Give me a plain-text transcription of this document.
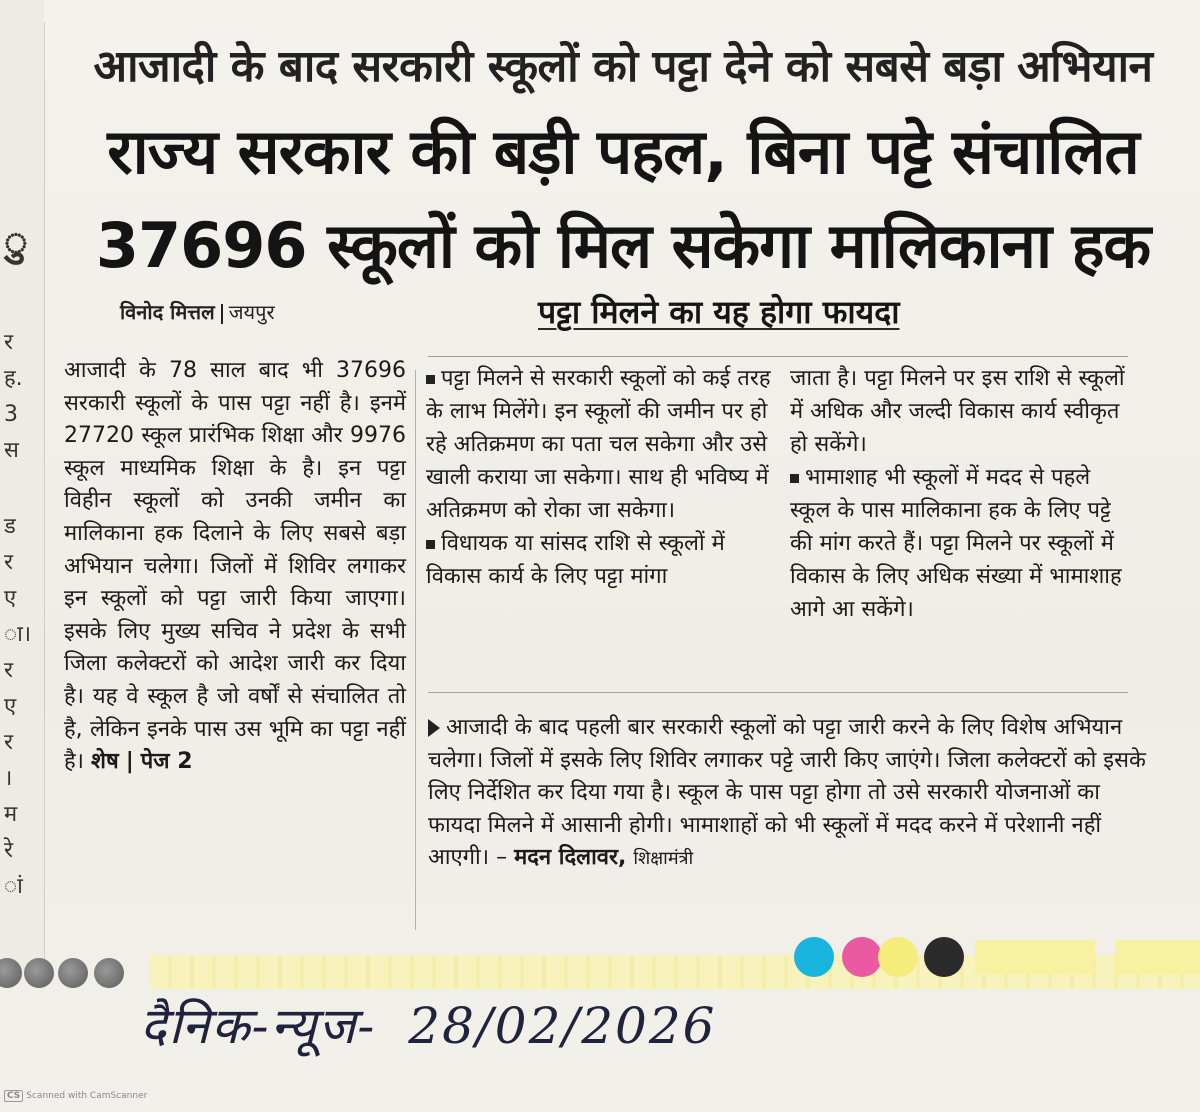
ु
र
ह.
3
स
ड
र
ए
ा।
र
ए
र
।
म
रे
ां
आजादी के बाद सरकारी स्कूलों को पट्टा देने को सबसे बड़ा अभियान
राज्य सरकार की बड़ी पहल, बिना पट्टे संचालित
37696 स्कूलों को मिल सकेगा मालिकाना हक
विनोद मित्तल जयपुर	पट्टा मिलने का यह होगा फायदा
आजादी के 78 साल बाद भी 37696 सरकारी स्कूलों के पास पट्टा नहीं है। इनमें 27720 स्कूल प्रारंभिक शिक्षा और 9976 स्कूल माध्यमिक शिक्षा के है। इन पट्टा विहीन स्कूलों को उनकी जमीन का मालिकाना हक दिलाने के लिए सबसे बड़ा अभियान चलेगा। जिलों में शिविर लगाकर इन स्कूलों को पट्टा जारी किया जाएगा। इसके लिए मुख्य सचिव ने प्रदेश के सभी जिला कलेक्टरों को आदेश जारी कर दिया है। यह वे स्कूल है जो वर्षों से संचालित तो है, लेकिन इनके पास उस भूमि का पट्टा नहीं है। शेष | पेज 2

पट्टा मिलने से सरकारी स्कूलों को कई तरह के लाभ मिलेंगे। इन स्कूलों की जमीन पर हो रहे अतिक्रमण का पता चल सकेगा और उसे खाली कराया जा सकेगा। साथ ही भविष्य में अतिक्रमण को रोका जा सकेगा।

विधायक या सांसद राशि से स्कूलों में विकास कार्य के लिए पट्टा मांगा

जाता है। पट्टा मिलने पर इस राशि से स्कूलों में अधिक और जल्दी विकास कार्य स्वीकृत हो सकेंगे।

भामाशाह भी स्कूलों में मदद से पहले स्कूल के पास मालिकाना हक के लिए पट्टे की मांग करते हैं। पट्टा मिलने पर स्कूलों में विकास के लिए अधिक संख्या में भामाशाह आगे आ सकेंगे।

आजादी के बाद पहली बार सरकारी स्कूलों को पट्टा जारी करने के लिए विशेष अभियान चलेगा। जिलों में इसके लिए शिविर लगाकर पट्टे जारी किए जाएंगे। जिला कलेक्टरों को इसके लिए निर्देशित कर दिया गया है। स्कूल के पास पट्टा होगा तो उसे सरकारी योजनाओं का फायदा मिलने में आसानी होगी। भामाशाहों को भी स्कूलों में मदद करने में परेशानी नहीं आएगी। – मदन दिलावर, शिक्षामंत्री
दैनिक-न्यूज- 28/02/2026
CS Scanned with CamScanner
